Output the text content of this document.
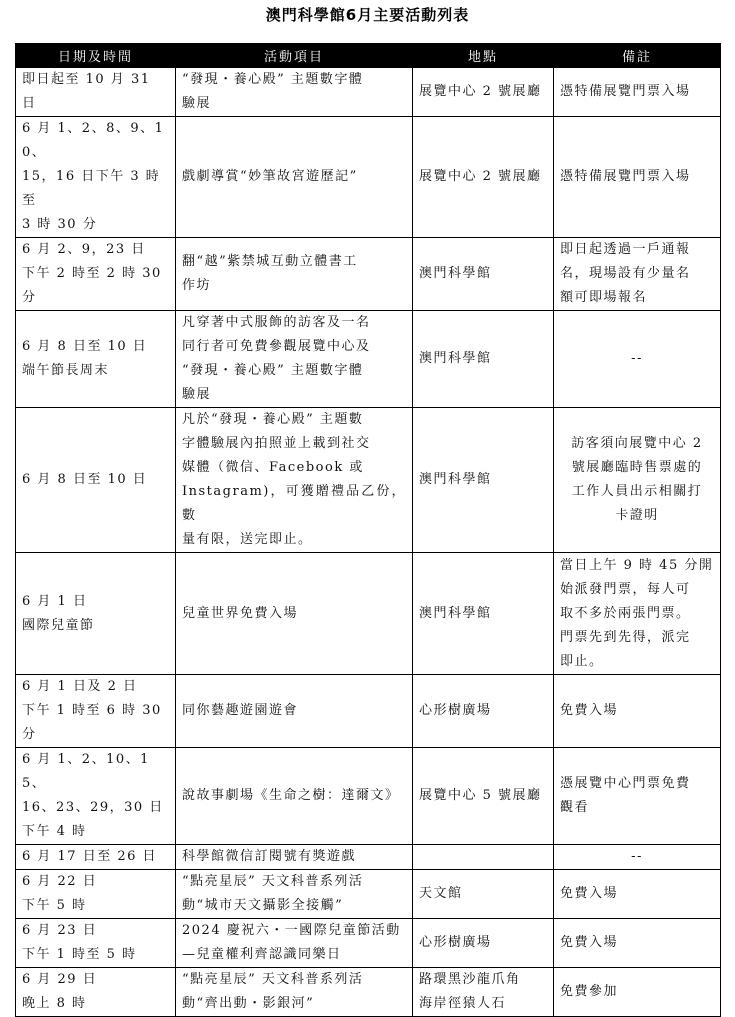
澳門科學館6月主要活動列表
日期及時間	活動項目	地點	備註

即日起至 10 月 31 日	“發現・養心殿” 主題數字體
驗展	展覽中心 2 號展廳	憑特備展覽門票入場

6 月 1、2、8、9、10、
15，16 日下午 3 時至
3 時 30 分	戲劇導賞“妙筆故宮遊歷記”	展覽中心 2 號展廳	憑特備展覽門票入場

6 月 2、9，23 日
下午 2 時至 2 時 30 分	翻“越”紫禁城互動立體書工
作坊	澳門科學館	即日起透過一戶通報
名，現場設有少量名
額可即場報名

6 月 8 日至 10 日
端午節長周末	凡穿著中式服飾的訪客及一名
同行者可免費參觀展覽中心及
“發現・養心殿” 主題數字體
驗展	澳門科學館	--

6 月 8 日至 10 日	凡於“發現・養心殿” 主題數
字體驗展內拍照並上載到社交
媒體（微信、Facebook 或
Instagram)，可獲贈禮品乙份，數
量有限，送完即止。	澳門科學館	訪客須向展覽中心 2
號展廳臨時售票處的
工作人員出示相關打
卡證明

6 月 1 日
國際兒童節	兒童世界免費入場	澳門科學館	當日上午 9 時 45 分開
始派發門票，每人可
取不多於兩張門票。
門票先到先得，派完
即止。

6 月 1 日及 2 日
下午 1 時至 6 時 30 分	同你藝趣遊園遊會	心形樹廣場	免費入場

6 月 1、2、10、15、
16、23、29，30 日
下午 4 時	說故事劇場《生命之樹：達爾文》	展覽中心 5 號展廳	憑展覽中心門票免費
觀看

6 月 17 日至 26 日	科學館微信訂閱號有獎遊戲		--

6 月 22 日
下午 5 時	“點亮星辰” 天文科普系列活
動“城市天文攝影全接觸”	天文館	免費入場

6 月 23 日
下午 1 時至 5 時	2024 慶祝六・一國際兒童節活動
—兒童權利齊認識同樂日	心形樹廣場	免費入場

6 月 29 日
晚上 8 時	“點亮星辰” 天文科普系列活
動“齊出動・影銀河”	路環黑沙龍爪角
海岸徑猿人石	免費參加
